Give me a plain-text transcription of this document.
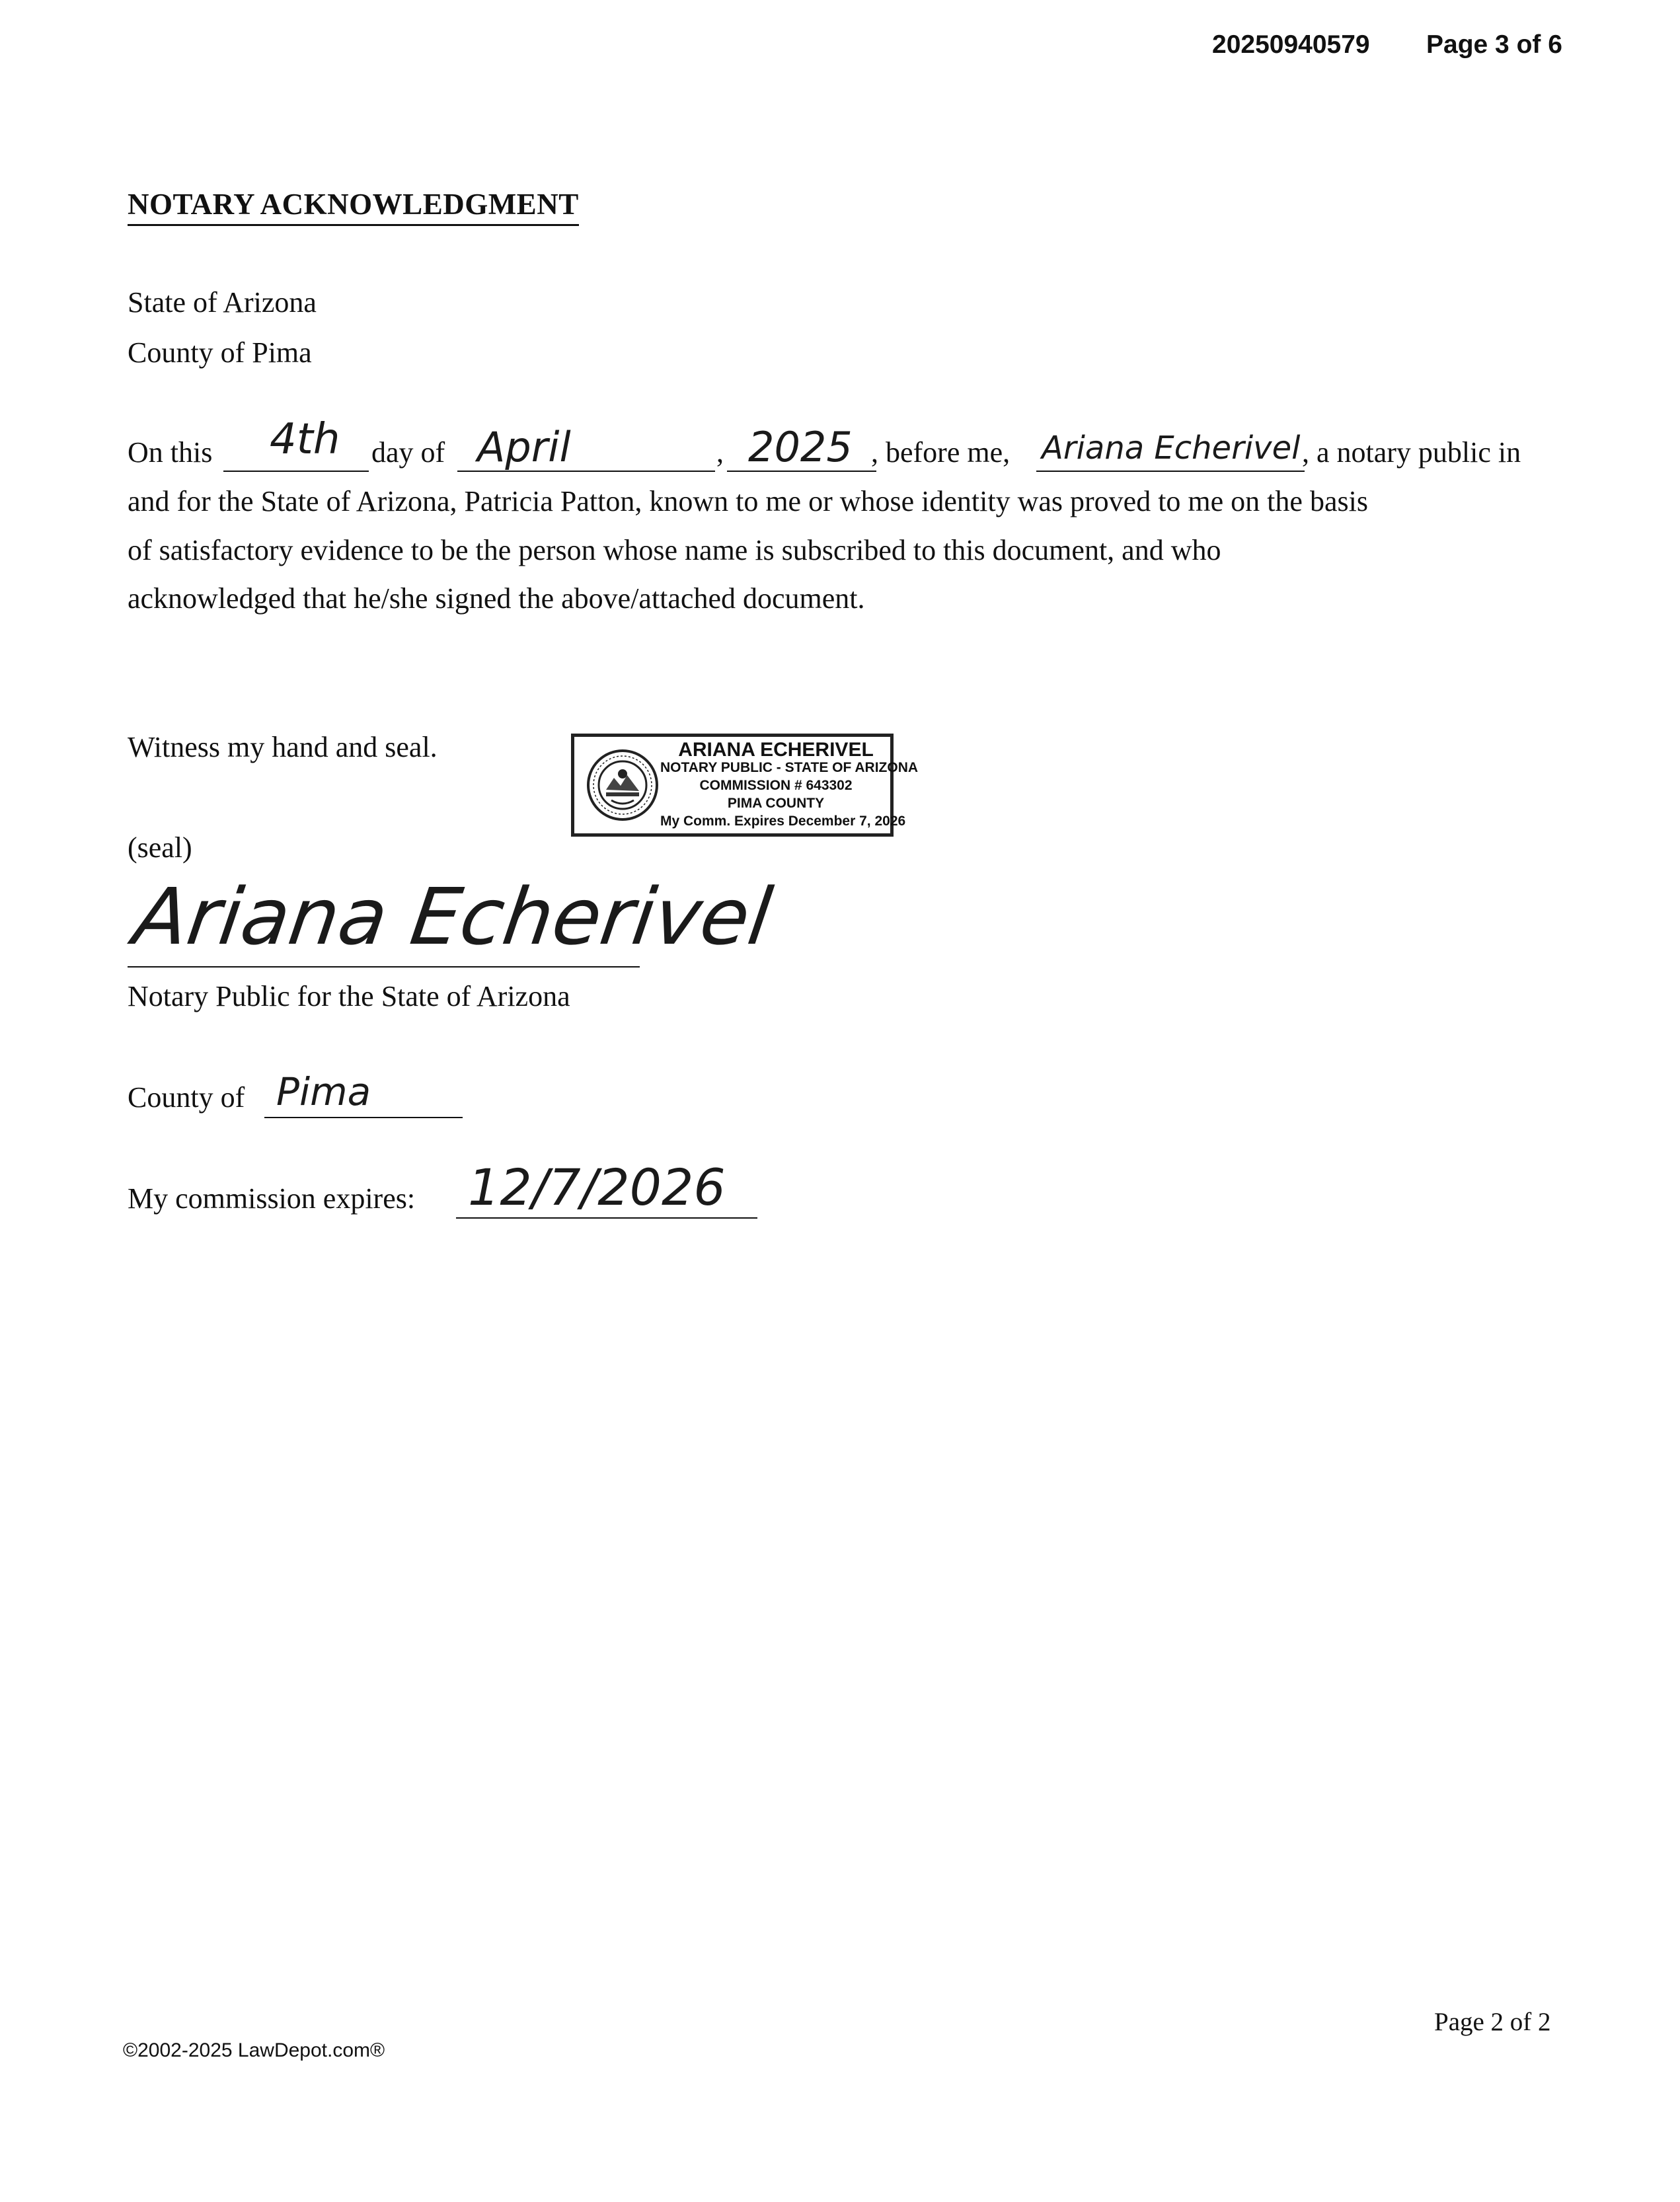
20250940579 Page 3 of 6
NOTARY ACKNOWLEDGMENT
State of Arizona
County of Pima
On this 4th day of April	, 2025 , before me, Ariana Echerivel , a notary public in
and for the State of Arizona, Patricia Patton, known to me or whose identity was proved to me on the basis
of satisfactory evidence to be the person whose name is subscribed to this document, and who
acknowledged that he/she signed the above/attached document.
Witness my hand and seal.	ARIANA ECHERIVEL
NOTARY PUBLIC - STATE OF ARIZONA
COMMISSION # 643302
PIMA COUNTY
My Comm. Expires December 7, 2026
(seal)
Ariana Echerivel
Notary Public for the State of Arizona
County of Pima
My commission expires: 12/7/2026
©2002-2025 LawDepot.com®
Page 2 of 2
